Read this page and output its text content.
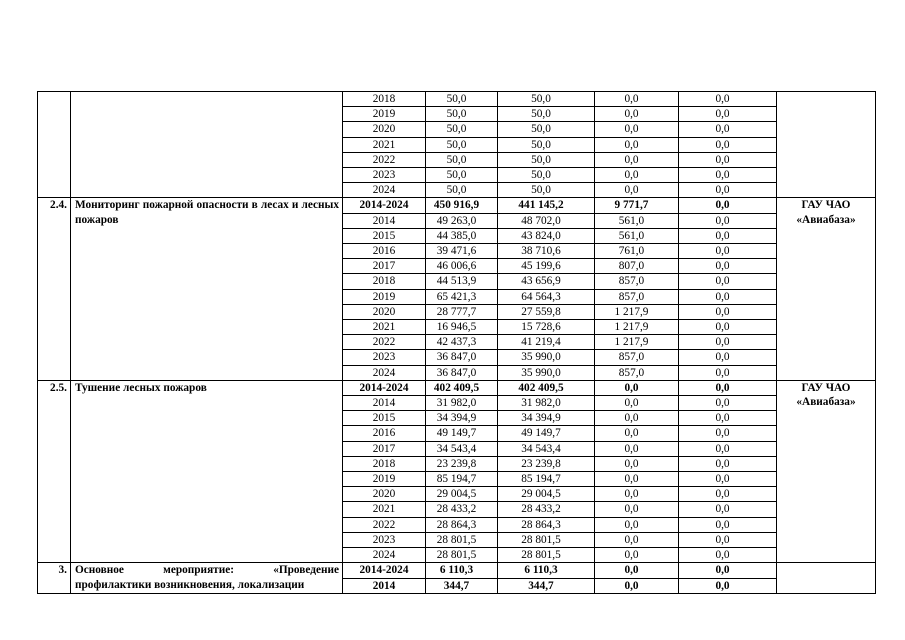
		2018	50,0	50,0	0,0	0,0	
		2019	50,0	50,0	0,0	0,0	
		2020	50,0	50,0	0,0	0,0	
		2021	50,0	50,0	0,0	0,0	
		2022	50,0	50,0	0,0	0,0	
		2023	50,0	50,0	0,0	0,0	
		2024	50,0	50,0	0,0	0,0	
2.4.	Мониторинг пожарной опасности в лесах и лесных пожаров	2014-2024	450 916,9	441 145,2	9 771,7	0,0	ГАУ ЧАО «Авиабаза»
		2014	49 263,0	48 702,0	561,0	0,0	
		2015	44 385,0	43 824,0	561,0	0,0	
		2016	39 471,6	38 710,6	761,0	0,0	
		2017	46 006,6	45 199,6	807,0	0,0	
		2018	44 513,9	43 656,9	857,0	0,0	
		2019	65 421,3	64 564,3	857,0	0,0	
		2020	28 777,7	27 559,8	1 217,9	0,0	
		2021	16 946,5	15 728,6	1 217,9	0,0	
		2022	42 437,3	41 219,4	1 217,9	0,0	
		2023	36 847,0	35 990,0	857,0	0,0	
		2024	36 847,0	35 990,0	857,0	0,0	
2.5.	Тушение лесных пожаров	2014-2024	402 409,5	402 409,5	0,0	0,0	ГАУ ЧАО «Авиабаза»
		2014	31 982,0	31 982,0	0,0	0,0	
		2015	34 394,9	34 394,9	0,0	0,0	
		2016	49 149,7	49 149,7	0,0	0,0	
		2017	34 543,4	34 543,4	0,0	0,0	
		2018	23 239,8	23 239,8	0,0	0,0	
		2019	85 194,7	85 194,7	0,0	0,0	
		2020	29 004,5	29 004,5	0,0	0,0	
		2021	28 433,2	28 433,2	0,0	0,0	
		2022	28 864,3	28 864,3	0,0	0,0	
		2023	28 801,5	28 801,5	0,0	0,0	
		2024	28 801,5	28 801,5	0,0	0,0	
3.	Основное мероприятие: «Проведение профилактики возникновения, локализации	2014-2024	6 110,3	6 110,3	0,0	0,0	
		2014	344,7	344,7	0,0	0,0	
